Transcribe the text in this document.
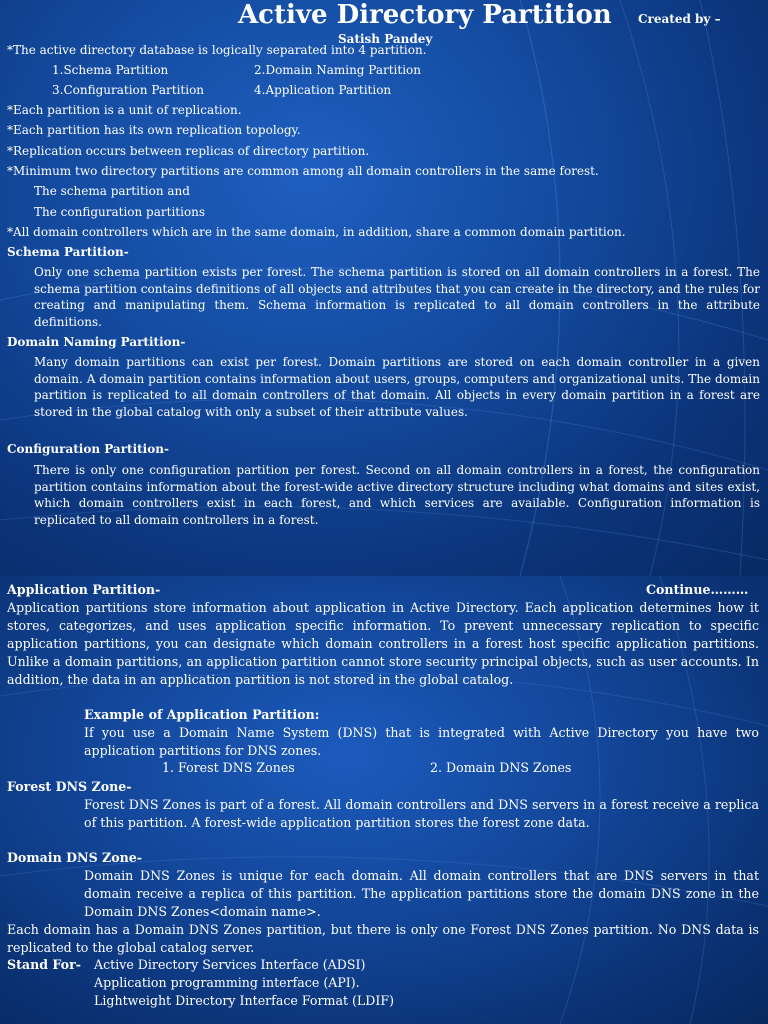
Active Directory Partition Created by –
Satish Pandey
*The active directory database is logically separated into 4 partition.
1.Schema Partition	2.Domain Naming Partition
3.Configuration Partition	4.Application Partition
*Each partition is a unit of replication.
*Each partition has its own replication topology.
*Replication occurs between replicas of directory partition.
*Minimum two directory partitions are common among all domain controllers in the same forest.
The schema partition and
The configuration partitions
*All domain controllers which are in the same domain, in addition, share a common domain partition.
Schema Partition-
Only one schema partition exists per forest. The schema partition is stored on all domain controllers in a forest. The schema partition contains definitions of all objects and attributes that you can create in the directory, and the rules for creating and manipulating them. Schema information is replicated to all domain controllers in the attribute definitions.
Domain Naming Partition-
Many domain partitions can exist per forest. Domain partitions are stored on each domain controller in a given domain. A domain partition contains information about users, groups, computers and organizational units. The domain partition is replicated to all domain controllers of that domain. All objects in every domain partition in a forest are stored in the global catalog with only a subset of their attribute values.
Configuration Partition-
There is only one configuration partition per forest. Second on all domain controllers in a forest, the configuration partition contains information about the forest-wide active directory structure including what domains and sites exist, which domain controllers exist in each forest, and which services are available. Configuration information is replicated to all domain controllers in a forest.
Application Partition-	Continue………
Application partitions store information about application in Active Directory. Each application determines how it stores, categorizes, and uses application specific information. To prevent unnecessary replication to specific application partitions, you can designate which domain controllers in a forest host specific application partitions. Unlike a domain partitions, an application partition cannot store security principal objects, such as user accounts. In addition, the data in an application partition is not stored in the global catalog.
Example of Application Partition:
If you use a Domain Name System (DNS) that is integrated with Active Directory you have two application partitions for DNS zones.
1. Forest DNS Zones	2. Domain DNS Zones
Forest DNS Zone-
Forest DNS Zones is part of a forest. All domain controllers and DNS servers in a forest receive a replica of this partition. A forest-wide application partition stores the forest zone data.
Domain DNS Zone-
Domain DNS Zones is unique for each domain. All domain controllers that are DNS servers in that domain receive a replica of this partition. The application partitions store the domain DNS zone in the Domain DNS Zones<domain name>.
Each domain has a Domain DNS Zones partition, but there is only one Forest DNS Zones partition. No DNS data is replicated to the global catalog server.
Stand For- Active Directory Services Interface (ADSI)
Application programming interface (API).
Lightweight Directory Interface Format (LDIF)
